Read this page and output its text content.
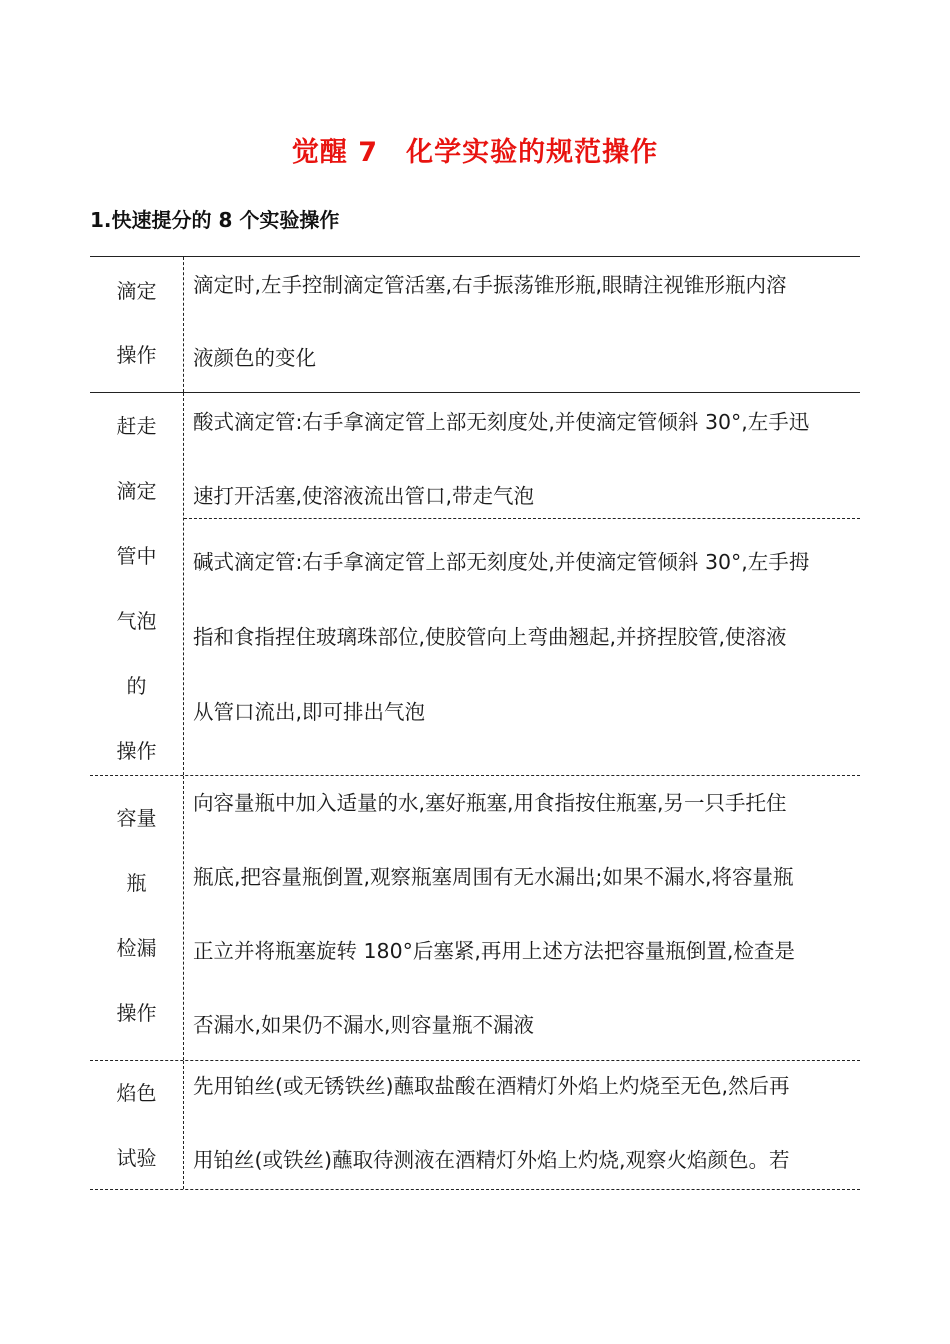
觉醒 7　化学实验的规范操作
1.快速提分的 8 个实验操作
滴定
操作

滴定时,左手控制滴定管活塞,右手振荡锥形瓶,眼睛注视锥形瓶内溶

液颜色的变化

赶走
滴定
管中
气泡
的
操作

酸式滴定管:右手拿滴定管上部无刻度处,并使滴定管倾斜 30°,左手迅

速打开活塞,使溶液流出管口,带走气泡

碱式滴定管:右手拿滴定管上部无刻度处,并使滴定管倾斜 30°,左手拇

指和食指捏住玻璃珠部位,使胶管向上弯曲翘起,并挤捏胶管,使溶液

从管口流出,即可排出气泡

容量
瓶
检漏
操作

向容量瓶中加入适量的水,塞好瓶塞,用食指按住瓶塞,另一只手托住

瓶底,把容量瓶倒置,观察瓶塞周围有无水漏出;如果不漏水,将容量瓶

正立并将瓶塞旋转 180°后塞紧,再用上述方法把容量瓶倒置,检查是

否漏水,如果仍不漏水,则容量瓶不漏液

焰色
试验

先用铂丝(或无锈铁丝)蘸取盐酸在酒精灯外焰上灼烧至无色,然后再

用铂丝(或铁丝)蘸取待测液在酒精灯外焰上灼烧,观察火焰颜色。若
